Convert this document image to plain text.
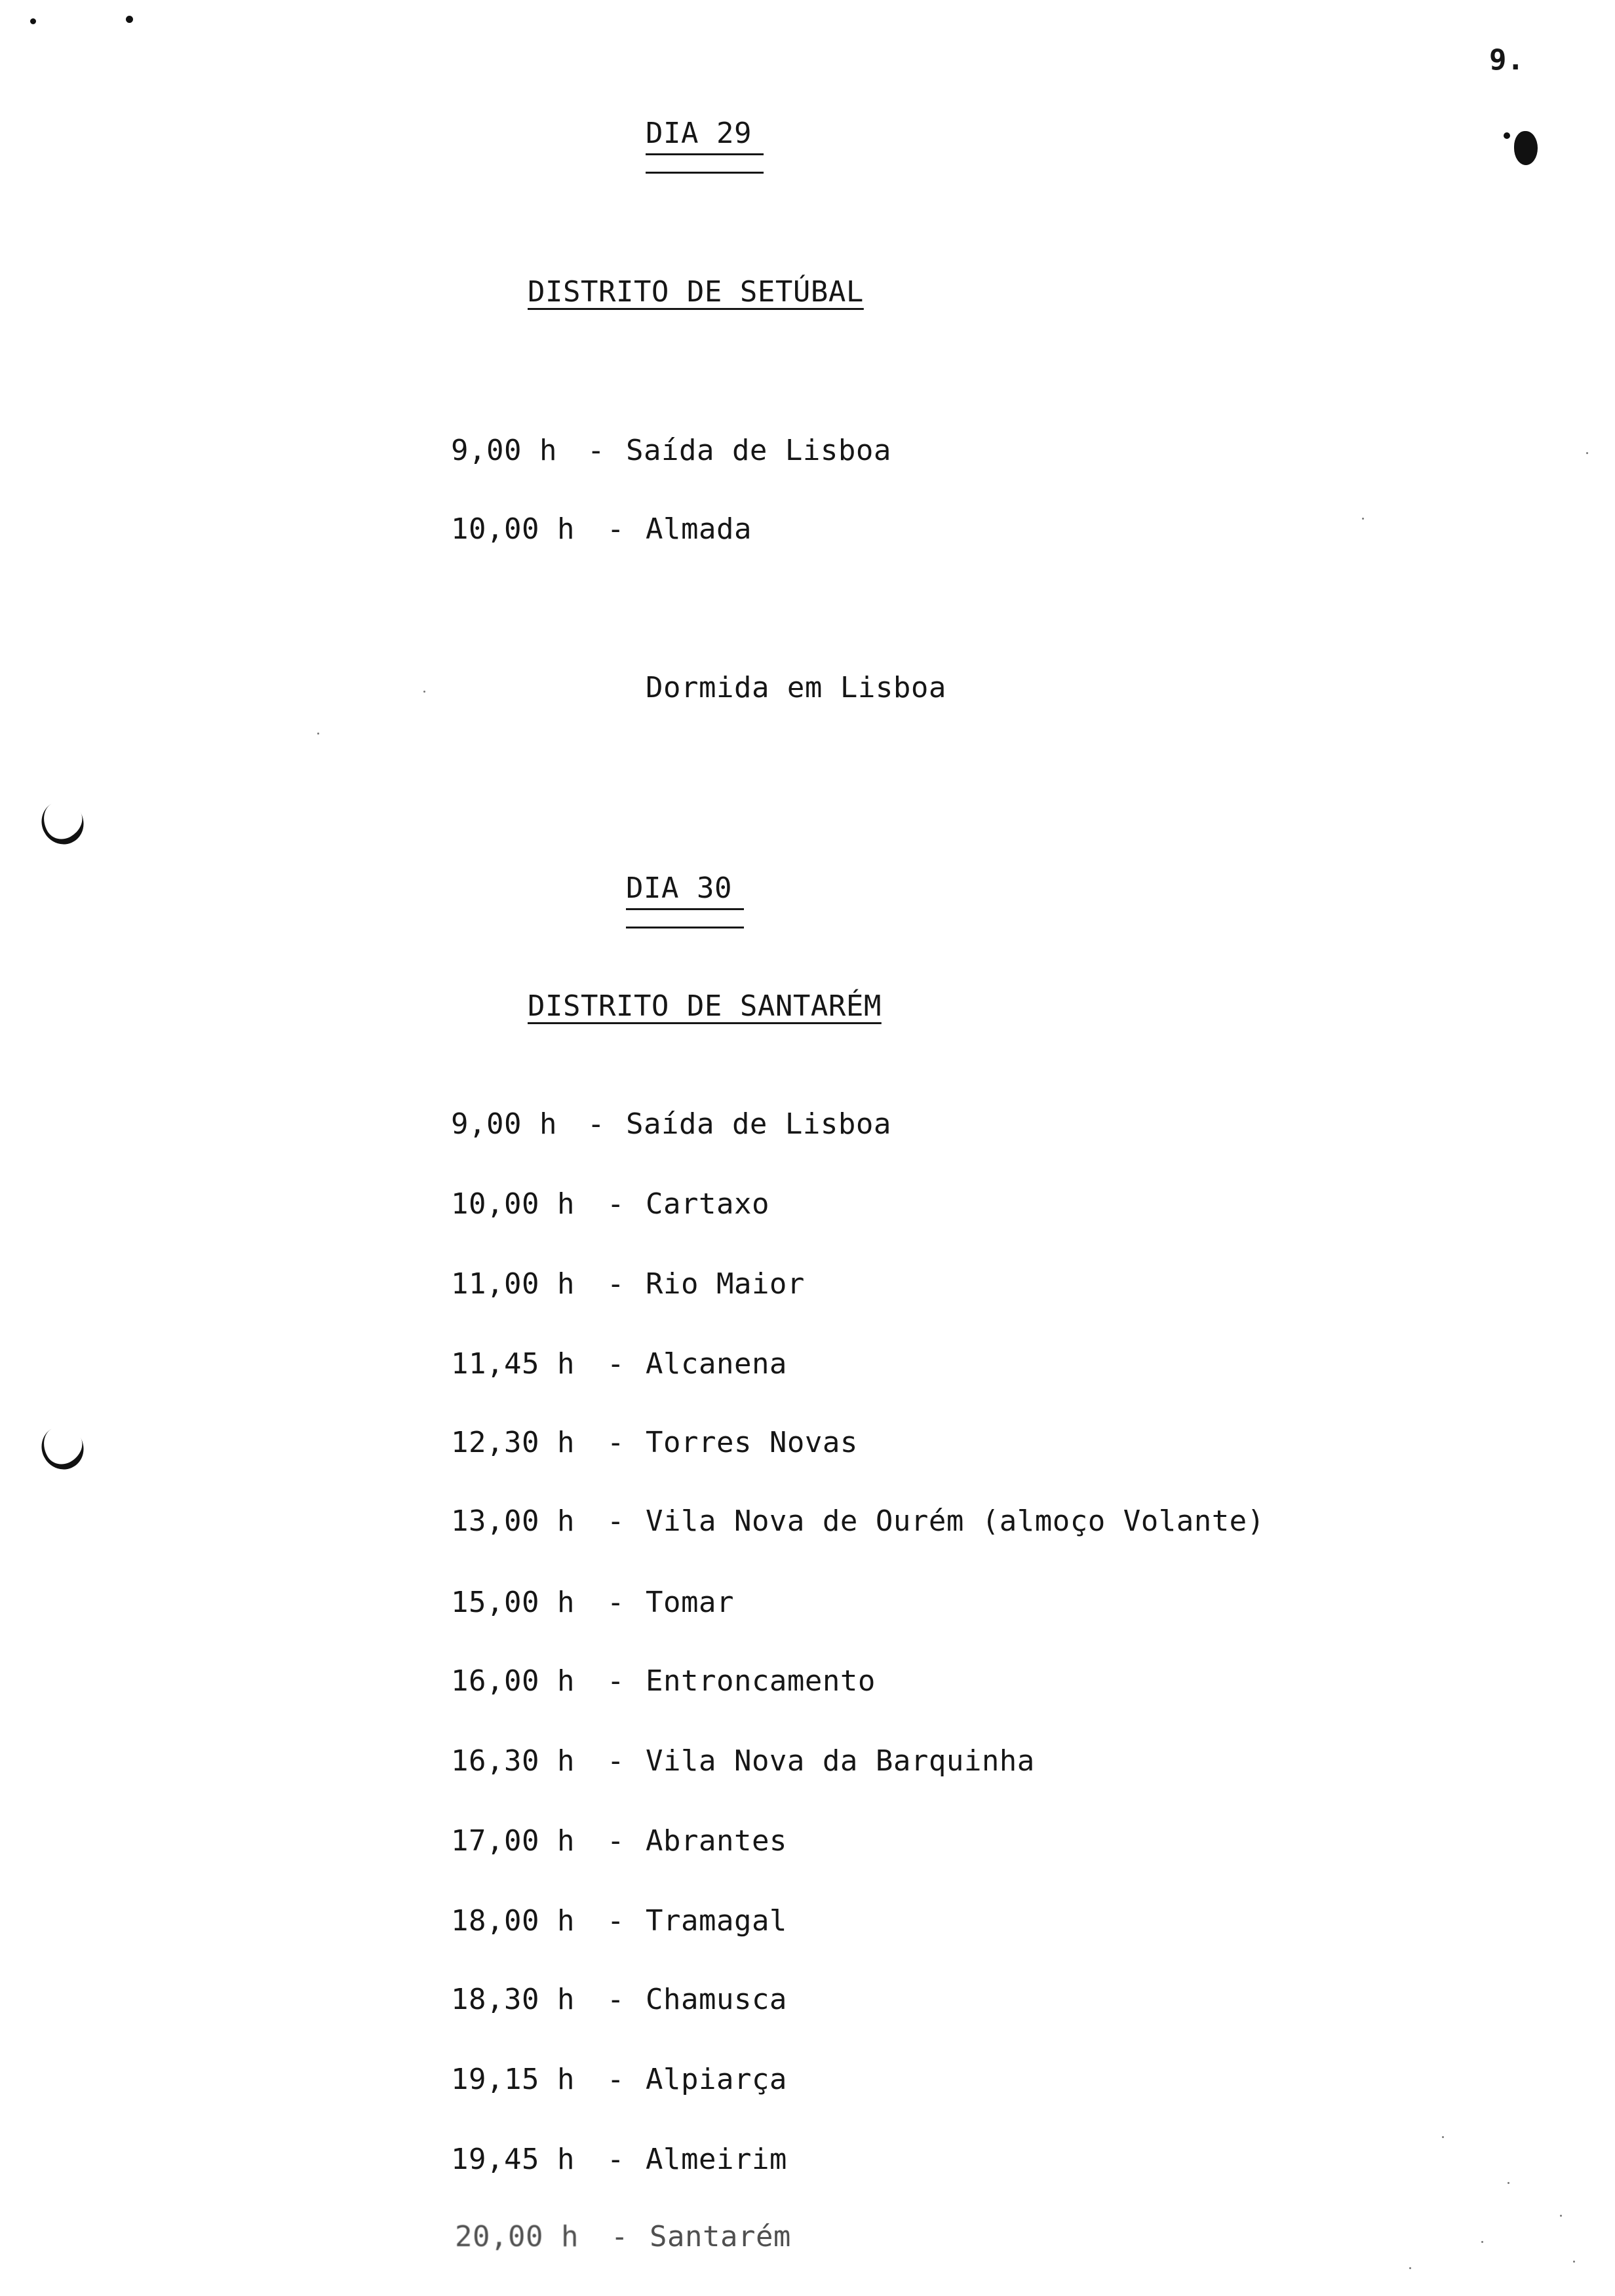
9.
DIA 29
DISTRITO DE SETÚBAL
9,00 h - Saída de Lisboa
10,00 h - Almada
Dormida em Lisboa
DIA 30
DISTRITO DE SANTARÉM
9,00 h - Saída de Lisboa
10,00 h - Cartaxo
11,00 h - Rio Maior
11,45 h - Alcanena
12,30 h - Torres Novas
13,00 h - Vila Nova de Ourém (almoço Volante)
15,00 h - Tomar
16,00 h - Entroncamento
16,30 h - Vila Nova da Barquinha
17,00 h - Abrantes
18,00 h - Tramagal
18,30 h - Chamusca
19,15 h - Alpiarça
19,45 h - Almeirim
20,00 h - Santarém
